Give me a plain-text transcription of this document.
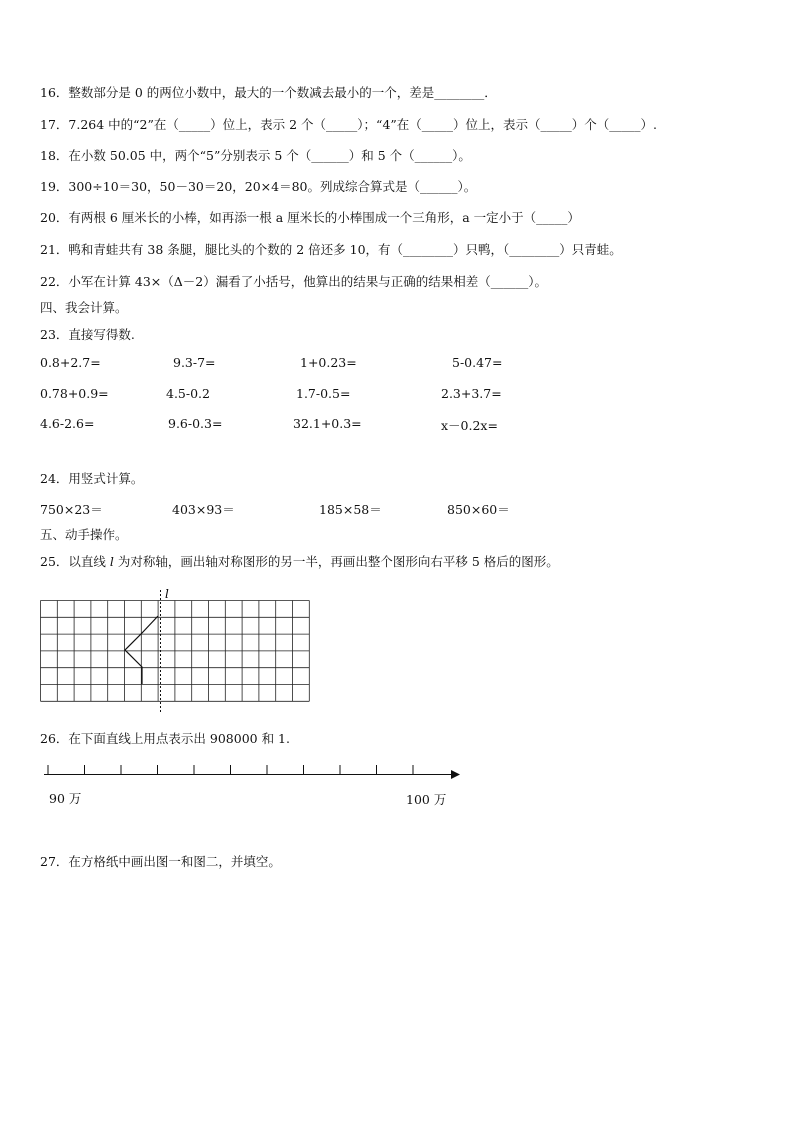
16．整数部分是 0 的两位小数中，最大的一个数减去最小的一个，差是________．
17．7.264 中的“2”在（_____）位上，表示 2 个（_____）；“4”在（_____）位上，表示（_____）个（_____）.
18．在小数 50.05 中，两个“5”分别表示 5 个（______）和 5 个（______）。
19．300÷10＝30，50－30＝20，20×4＝80。列成综合算式是（______）。
20．有两根 6 厘米长的小棒，如再添一根 a 厘米长的小棒围成一个三角形，a 一定小于（_____）
21．鸭和青蛙共有 38 条腿，腿比头的个数的 2 倍还多 10，有（________）只鸭，（________）只青蛙。
22．小军在计算 43×（Δ－2）漏看了小括号，他算出的结果与正确的结果相差（______）。
四、我会计算。
23．直接写得数.
0.8+2.7=	9.3-7=	1+0.23=	5-0.47=
0.78+0.9=	4.5-0.2	1.7-0.5=	2.3+3.7=
4.6-2.6=	9.6-0.3=	32.1+0.3=	x－0.2x=
24．用竖式计算。
750×23＝	403×93＝	185×58＝	850×60＝
五、动手操作。
25．以直线 l 为对称轴，画出轴对称图形的另一半，再画出整个图形向右平移 5 格后的图形。
l
26．在下面直线上用点表示出 908000 和 1.
90 万	100 万
27．在方格纸中画出图一和图二，并填空。
